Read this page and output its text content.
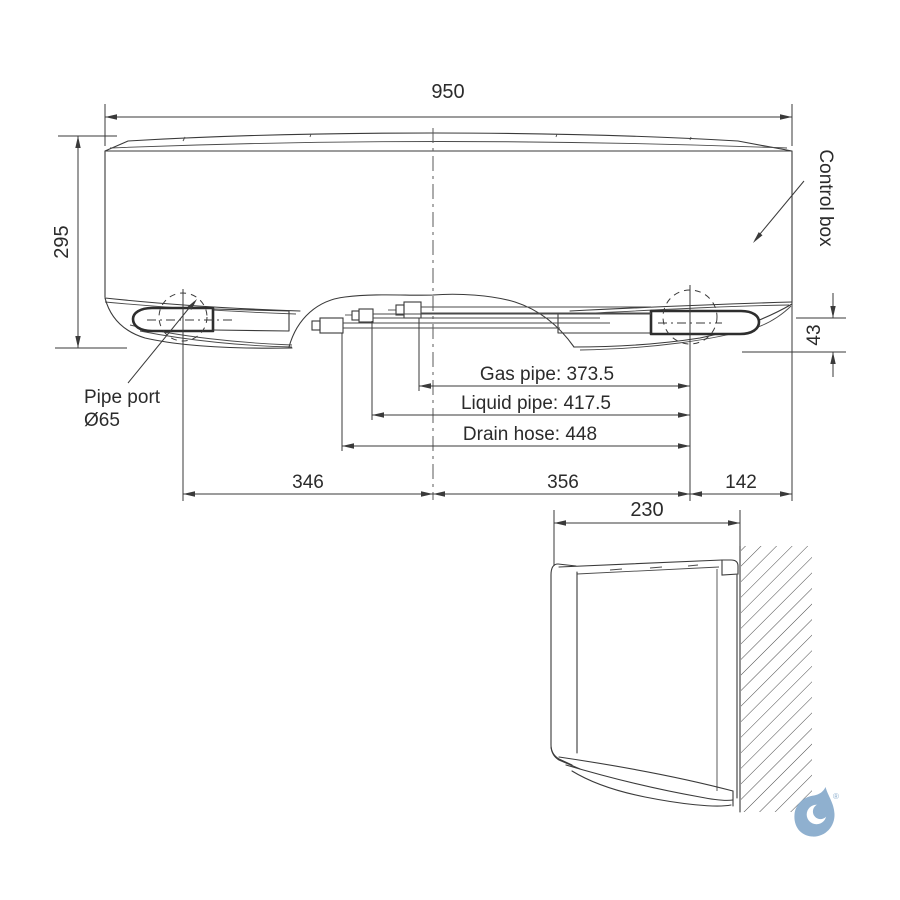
950
295
43
Gas pipe: 373.5
Liquid pipe: 417.5
Drain hose: 448
346	356	142
Control box
Pipe port
Ø65
230
®
